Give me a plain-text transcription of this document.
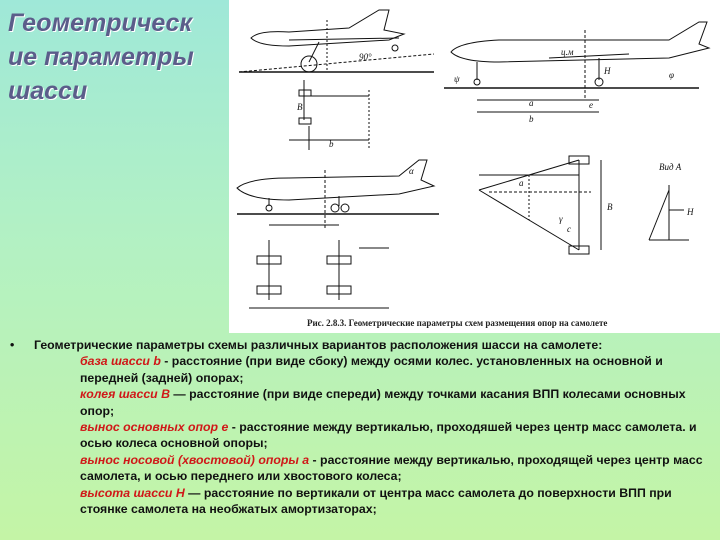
Геометрическ
ие параметры
шасси
ц.м
a
b
e
H
ψ	φ
90°
B
b
α
a
γ
c
B
Вид А
H
Рис. 2.8.3. Геометрические параметры схем размещения опор на самолете
• Геометрические параметры схемы различных вариантов расположения шасси на самолете:
база шасси b - расстояние (при виде сбоку) между осями колес. установленных на основной и передней (задней) опорах;
колея шасси В — расстояние (при виде спереди) между точками касания ВПП колесами основных опор;
вынос основных опор е - расстояние между вертикалью, проходяшей через центр масс самолета. и осью колеса основной опоры;
вынос носовой (хвостовой) опоры а - расстояние между вертикалью, проходящей через центр масс самолета, и осью переднего или хвостового колеса;
высота шасси Н — расстояние по вертикали от центра масс самолета до поверхности ВПП при стоянке самолета на необжатых амортизаторах;
